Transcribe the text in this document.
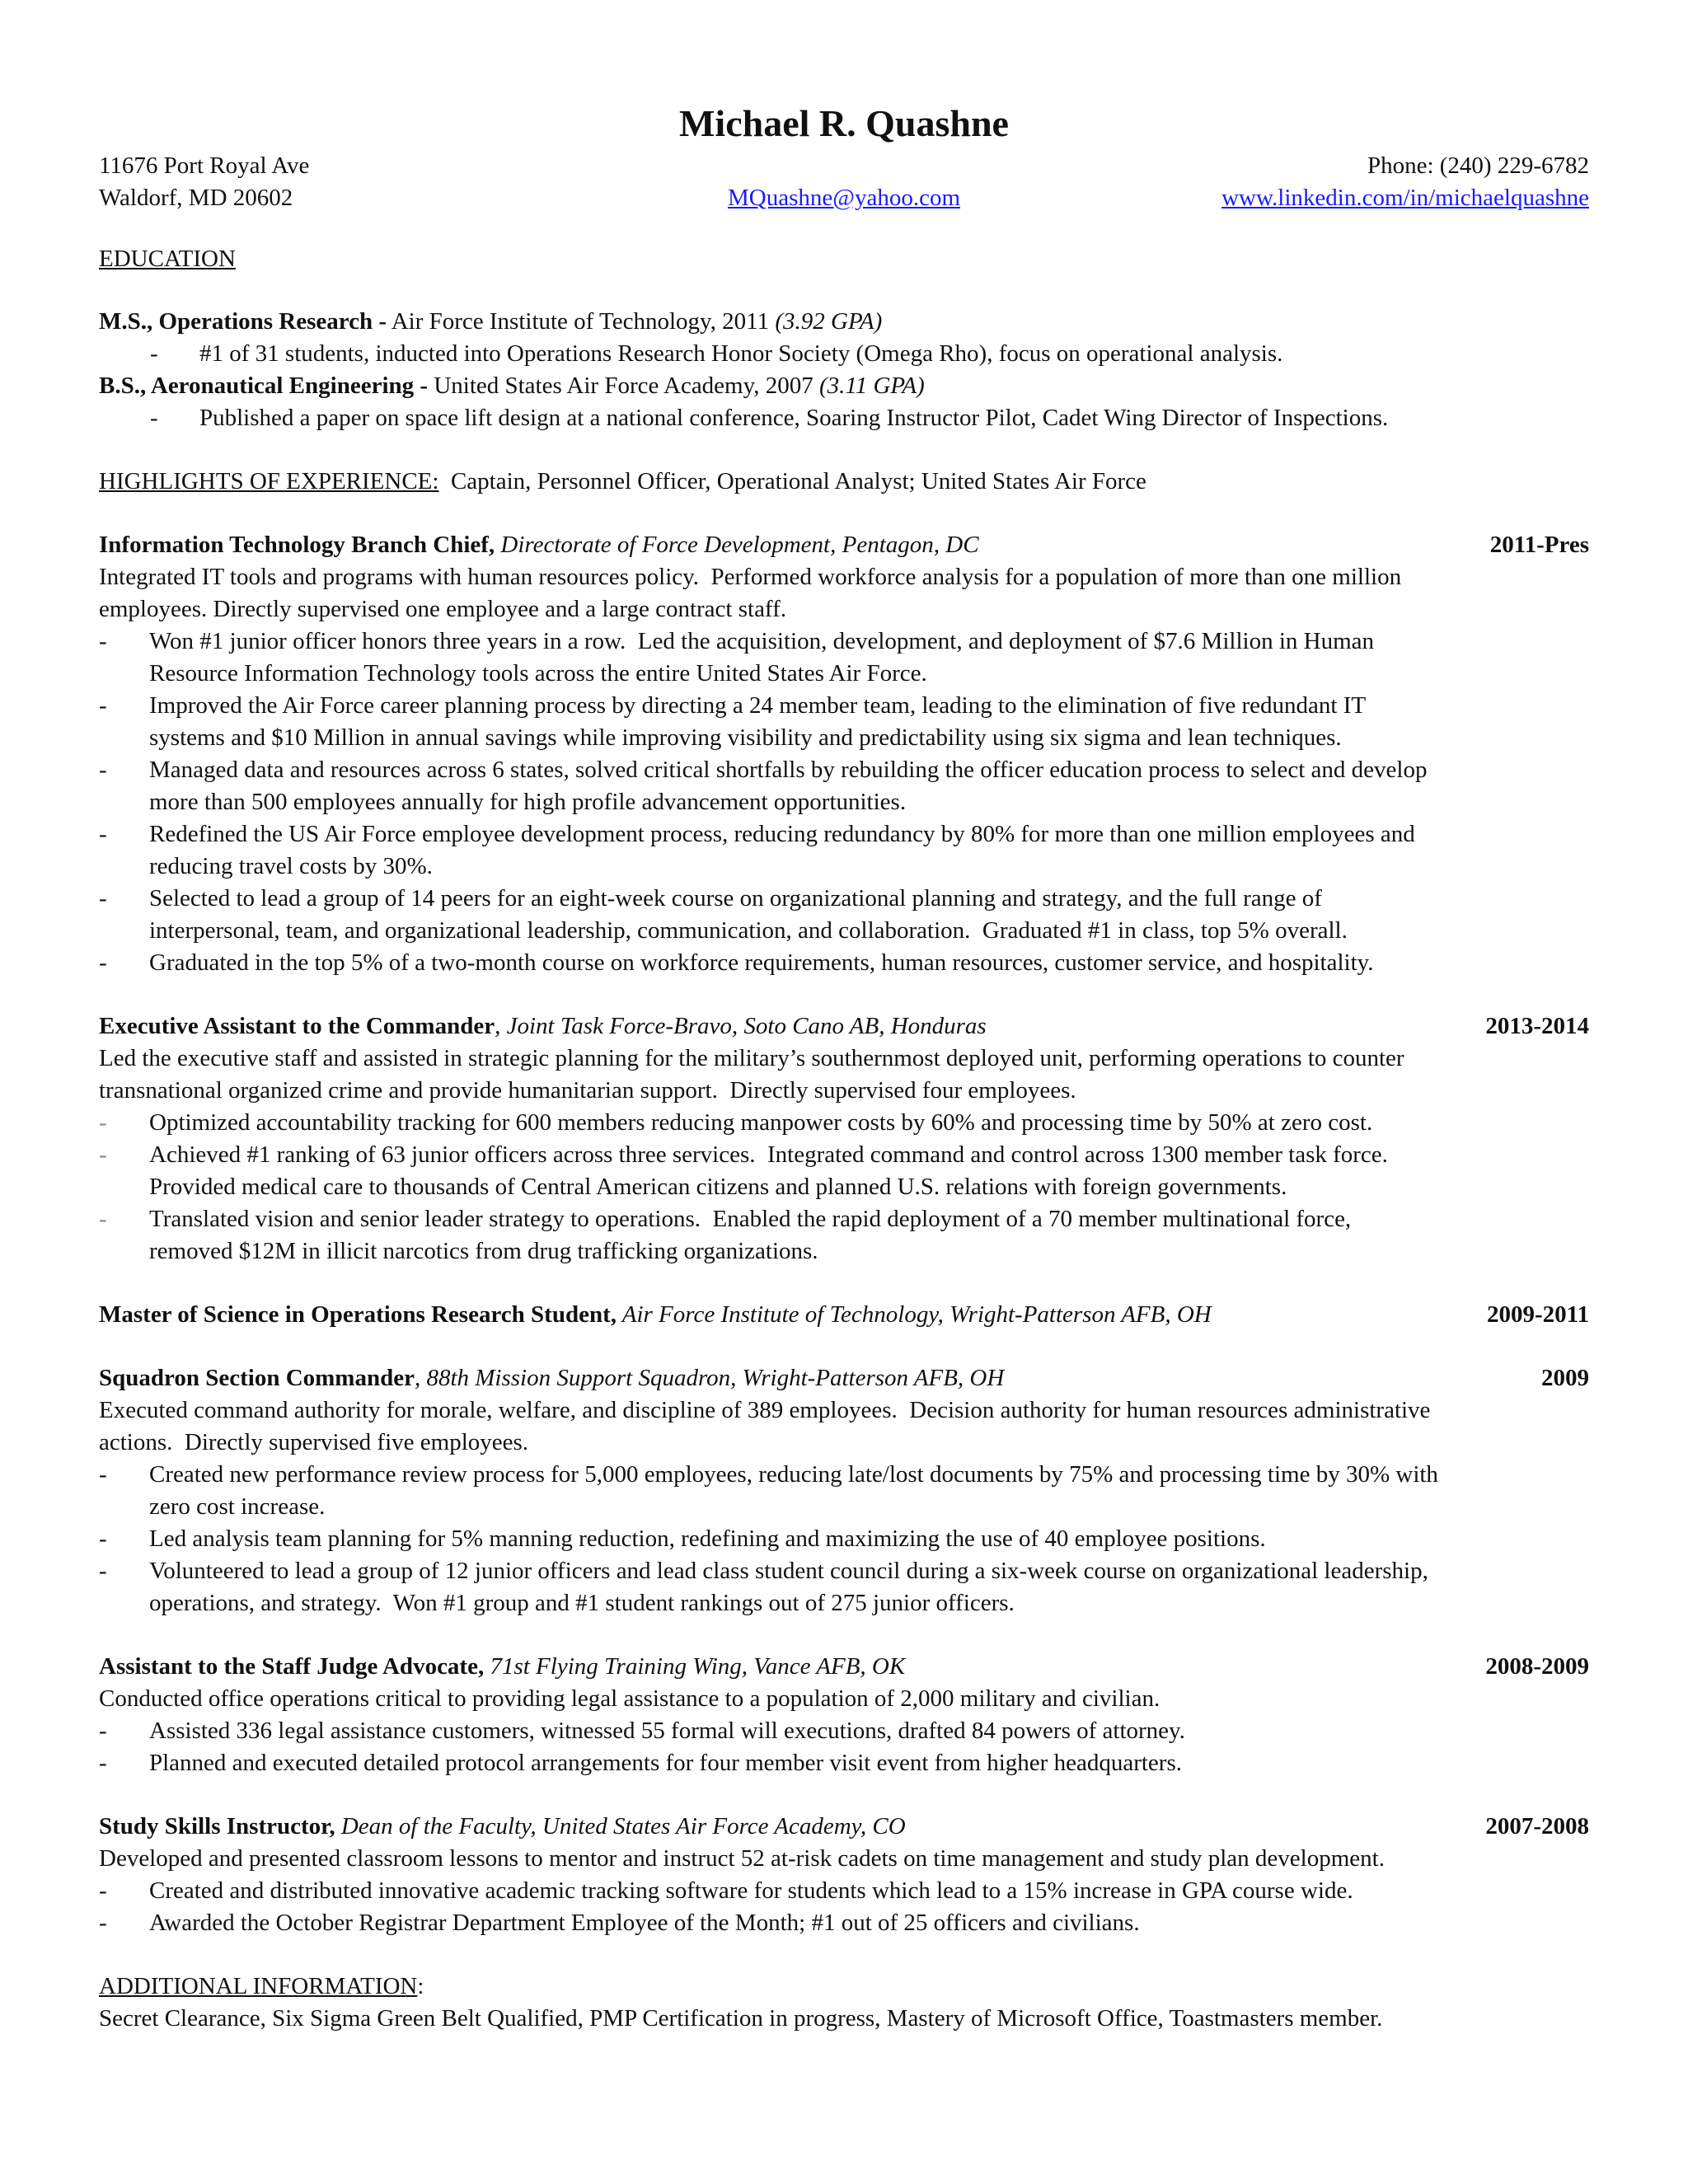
Michael R. Quashne
11676 Port Royal Ave
Waldorf, MD 20602	MQuashne@yahoo.com
Phone: (240) 229-6782
www.linkedin.com/in/michaelquashne
EDUCATION
M.S., Operations Research - Air Force Institute of Technology, 2011 (3.92 GPA)
- #1 of 31 students, inducted into Operations Research Honor Society (Omega Rho), focus on operational analysis.
B.S., Aeronautical Engineering - United States Air Force Academy, 2007 (3.11 GPA)
- Published a paper on space lift design at a national conference, Soaring Instructor Pilot, Cadet Wing Director of Inspections.
HIGHLIGHTS OF EXPERIENCE:  Captain, Personnel Officer, Operational Analyst; United States Air Force
Information Technology Branch Chief, Directorate of Force Development, Pentagon, DC	2011-Pres
Integrated IT tools and programs with human resources policy.  Performed workforce analysis for a population of more than one million
employees. Directly supervised one employee and a large contract staff.
- Won #1 junior officer honors three years in a row.  Led the acquisition, development, and deployment of $7.6 Million in Human
Resource Information Technology tools across the entire United States Air Force.
- Improved the Air Force career planning process by directing a 24 member team, leading to the elimination of five redundant IT
systems and $10 Million in annual savings while improving visibility and predictability using six sigma and lean techniques.
- Managed data and resources across 6 states, solved critical shortfalls by rebuilding the officer education process to select and develop
more than 500 employees annually for high profile advancement opportunities.
- Redefined the US Air Force employee development process, reducing redundancy by 80% for more than one million employees and
reducing travel costs by 30%.
- Selected to lead a group of 14 peers for an eight-week course on organizational planning and strategy, and the full range of
interpersonal, team, and organizational leadership, communication, and collaboration.  Graduated #1 in class, top 5% overall.
- Graduated in the top 5% of a two-month course on workforce requirements, human resources, customer service, and hospitality.
Executive Assistant to the Commander, Joint Task Force-Bravo, Soto Cano AB, Honduras	2013-2014
Led the executive staff and assisted in strategic planning for the military’s southernmost deployed unit, performing operations to counter
transnational organized crime and provide humanitarian support.  Directly supervised four employees.
- Optimized accountability tracking for 600 members reducing manpower costs by 60% and processing time by 50% at zero cost.
- Achieved #1 ranking of 63 junior officers across three services.  Integrated command and control across 1300 member task force.
Provided medical care to thousands of Central American citizens and planned U.S. relations with foreign governments.
- Translated vision and senior leader strategy to operations.  Enabled the rapid deployment of a 70 member multinational force,
removed $12M in illicit narcotics from drug trafficking organizations.
Master of Science in Operations Research Student, Air Force Institute of Technology, Wright-Patterson AFB, OH	2009-2011
Squadron Section Commander, 88th Mission Support Squadron, Wright-Patterson AFB, OH	2009
Executed command authority for morale, welfare, and discipline of 389 employees.  Decision authority for human resources administrative
actions.  Directly supervised five employees.
- Created new performance review process for 5,000 employees, reducing late/lost documents by 75% and processing time by 30% with
zero cost increase.
- Led analysis team planning for 5% manning reduction, redefining and maximizing the use of 40 employee positions.
- Volunteered to lead a group of 12 junior officers and lead class student council during a six-week course on organizational leadership,
operations, and strategy.  Won #1 group and #1 student rankings out of 275 junior officers.
Assistant to the Staff Judge Advocate, 71st Flying Training Wing, Vance AFB, OK	2008-2009
Conducted office operations critical to providing legal assistance to a population of 2,000 military and civilian.
- Assisted 336 legal assistance customers, witnessed 55 formal will executions, drafted 84 powers of attorney.
- Planned and executed detailed protocol arrangements for four member visit event from higher headquarters.
Study Skills Instructor, Dean of the Faculty, United States Air Force Academy, CO	2007-2008
Developed and presented classroom lessons to mentor and instruct 52 at-risk cadets on time management and study plan development.
- Created and distributed innovative academic tracking software for students which lead to a 15% increase in GPA course wide.
- Awarded the October Registrar Department Employee of the Month; #1 out of 25 officers and civilians.
ADDITIONAL INFORMATION:
Secret Clearance, Six Sigma Green Belt Qualified, PMP Certification in progress, Mastery of Microsoft Office, Toastmasters member.
